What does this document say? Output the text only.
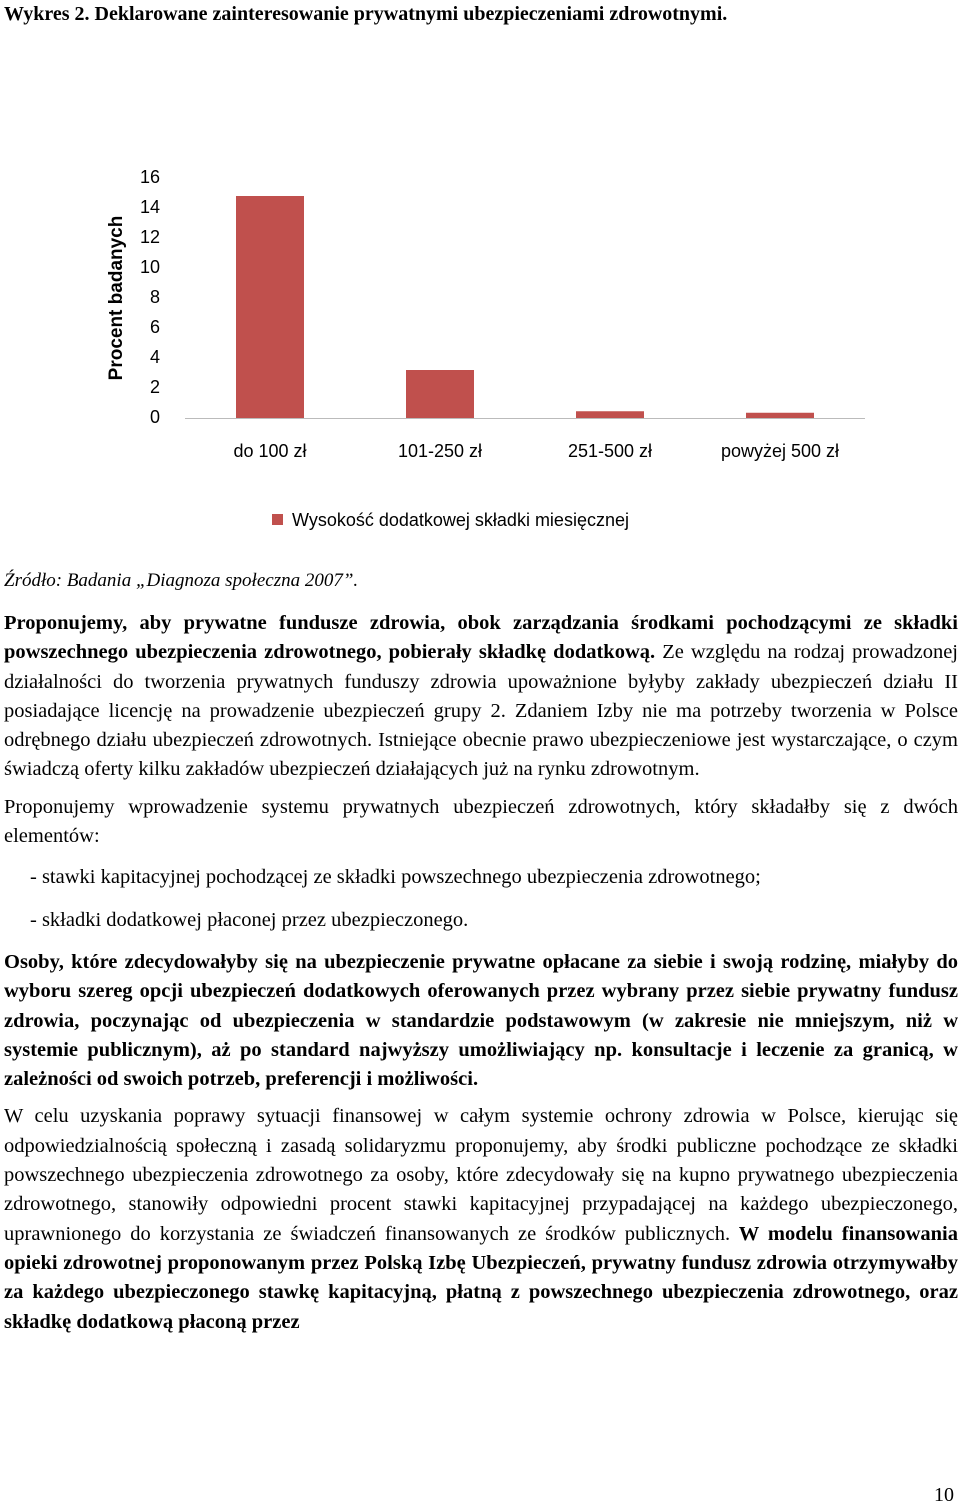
Wykres 2. Deklarowane zainteresowanie prywatnymi ubezpieczeniami zdrowotnymi.
Procent badanych
0
2
4
6
8
10
12
14
16
do 100 zł	101-250 zł	251-500 zł	powyżej 500 zł
Wysokość dodatkowej składki miesięcznej
Źródło: Badania „Diagnoza społeczna 2007”.

Proponujemy, aby prywatne fundusze zdrowia, obok zarządzania środkami pochodzącymi ze składki powszechnego ubezpieczenia zdrowotnego, pobierały składkę dodatkową. Ze względu na rodzaj prowadzonej działalności do tworzenia prywatnych funduszy zdrowia upoważnione byłyby zakłady ubezpieczeń działu II posiadające licencję na prowadzenie ubezpieczeń grupy 2. Zdaniem Izby nie ma potrzeby tworzenia w Polsce odrębnego działu ubezpieczeń zdrowotnych. Istniejące obecnie prawo ubezpieczeniowe jest wystarczające, o czym świadczą oferty kilku zakładów ubezpieczeń działających już na rynku zdrowotnym.

Proponujemy wprowadzenie systemu prywatnych ubezpieczeń zdrowotnych, który składałby się z dwóch elementów:

- stawki kapitacyjnej pochodzącej ze składki powszechnego ubezpieczenia zdrowotnego;

- składki dodatkowej płaconej przez ubezpieczonego.

Osoby, które zdecydowałyby się na ubezpieczenie prywatne opłacane za siebie i swoją rodzinę, miałyby do wyboru szereg opcji ubezpieczeń dodatkowych oferowanych przez wybrany przez siebie prywatny fundusz zdrowia, poczynając od ubezpieczenia w standardzie podstawowym (w zakresie nie mniejszym, niż w systemie publicznym), aż po standard najwyższy umożliwiający np. konsultacje i leczenie za granicą, w zależności od swoich potrzeb, preferencji i możliwości.

W celu uzyskania poprawy sytuacji finansowej w całym systemie ochrony zdrowia w Polsce, kierując się odpowiedzialnością społeczną i zasadą solidaryzmu proponujemy, aby środki publiczne pochodzące ze składki powszechnego ubezpieczenia zdrowotnego za osoby, które zdecydowały się na kupno prywatnego ubezpieczenia zdrowotnego, stanowiły odpowiedni procent stawki kapitacyjnej przypadającej na każdego ubezpieczonego, uprawnionego do korzystania ze świadczeń finansowanych ze środków publicznych. W modelu finansowania opieki zdrowotnej proponowanym przez Polską Izbę Ubezpieczeń, prywatny fundusz zdrowia otrzymywałby za każdego ubezpieczonego stawkę kapitacyjną, płatną z powszechnego ubezpieczenia zdrowotnego, oraz składkę dodatkową płaconą przez

10
